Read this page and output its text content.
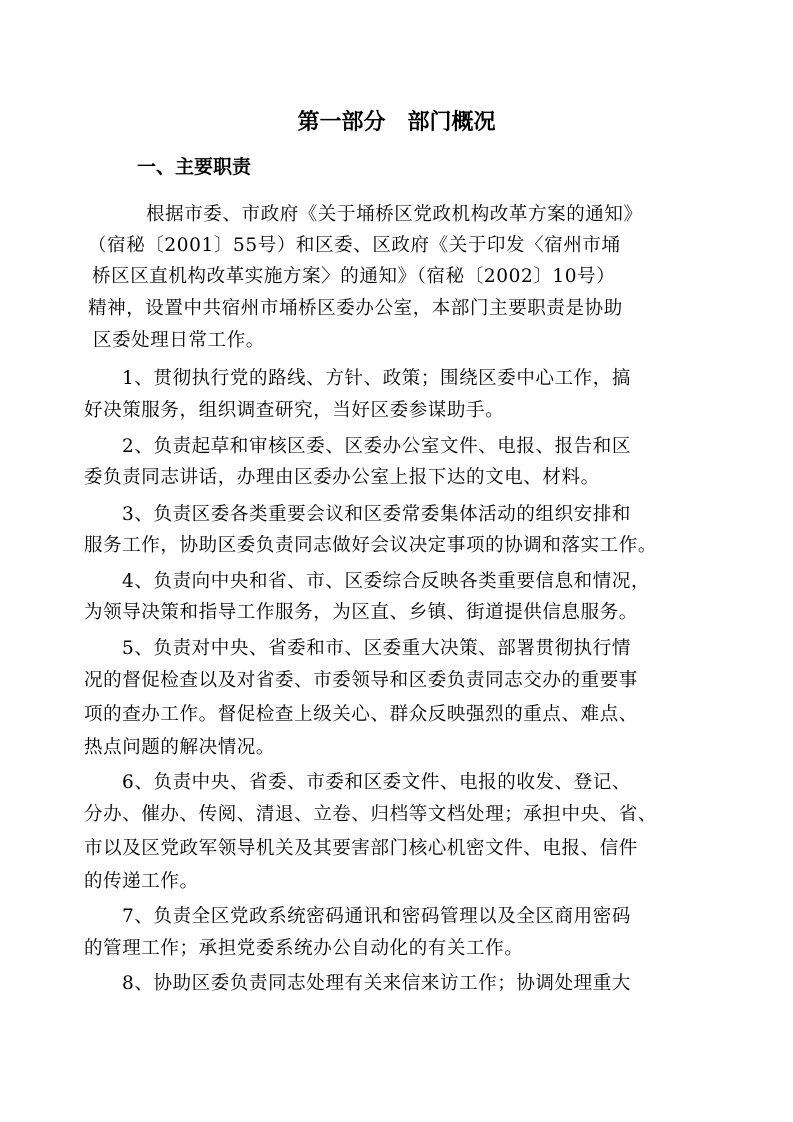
第一部分　部门概况
一、主要职责
根据市委、市政府《关于埇桥区党政机构改革方案的通知》
（宿秘〔2001〕55号）和区委、区政府《关于印发〈宿州市埇
桥区区直机构改革实施方案〉的通知》（宿秘〔2002〕10号）
精神，设置中共宿州市埇桥区委办公室，本部门主要职责是协助
区委处理日常工作。
1、贯彻执行党的路线、方针、政策；围绕区委中心工作，搞
好决策服务，组织调查研究，当好区委参谋助手。
2、负责起草和审核区委、区委办公室文件、电报、报告和区
委负责同志讲话，办理由区委办公室上报下达的文电、材料。
3、负责区委各类重要会议和区委常委集体活动的组织安排和
服务工作，协助区委负责同志做好会议决定事项的协调和落实工作。
4、负责向中央和省、市、区委综合反映各类重要信息和情况，
为领导决策和指导工作服务，为区直、乡镇、街道提供信息服务。
5、负责对中央、省委和市、区委重大决策、部署贯彻执行情
况的督促检查以及对省委、市委领导和区委负责同志交办的重要事
项的查办工作。督促检查上级关心、群众反映强烈的重点、难点、
热点问题的解决情况。
6、负责中央、省委、市委和区委文件、电报的收发、登记、
分办、催办、传阅、清退、立卷、归档等文档处理；承担中央、省、
市以及区党政军领导机关及其要害部门核心机密文件、电报、信件
的传递工作。
7、负责全区党政系统密码通讯和密码管理以及全区商用密码
的管理工作；承担党委系统办公自动化的有关工作。
8、协助区委负责同志处理有关来信来访工作；协调处理重大
